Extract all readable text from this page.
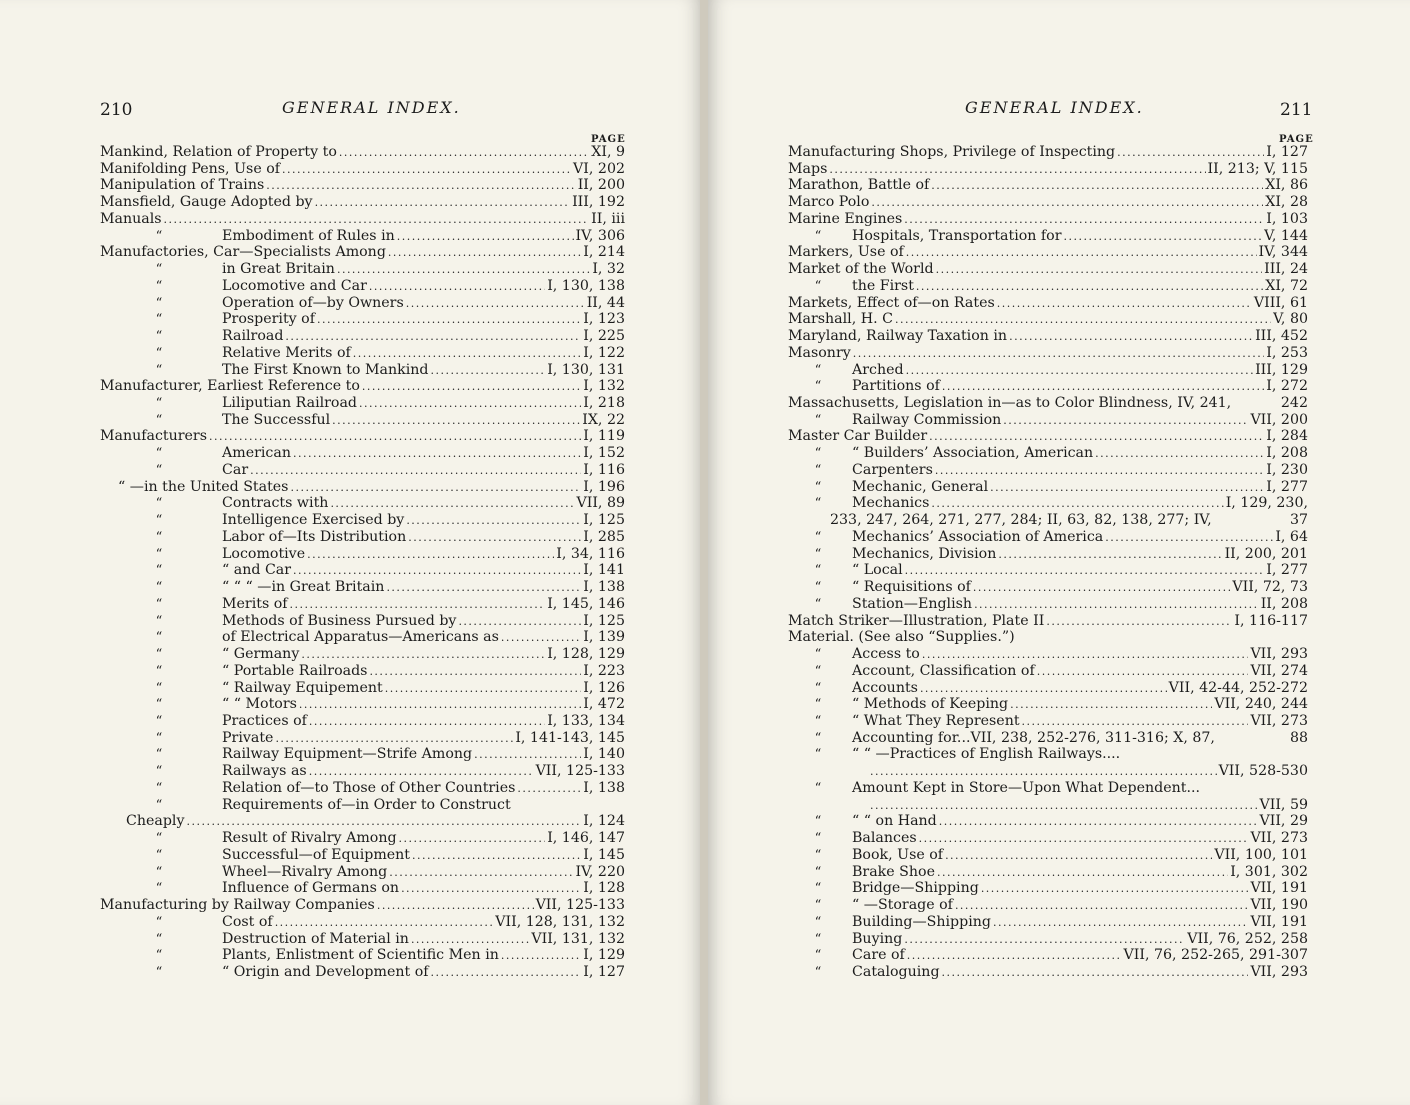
210	GENERAL INDEX.
PAGE
Mankind, Relation of Property to . . .	XI, 9
Manifolding Pens, Use of . . .	VI, 202
Manipulation of Trains . . .	II, 200
Mansfield, Gauge Adopted by . . .	III, 192
Manuals . . .	II, iii
“	Embodiment of Rules in . . .	IV, 306
Manufactories, Car—Specialists Among . . .	I, 214
“	in Great Britain . . .	I, 32
“	Locomotive and Car . . .	I, 130, 138
“	Operation of—by Owners . . .	II, 44
“	Prosperity of . . .	I, 123
“	Railroad . . .	I, 225
“	Relative Merits of . . .	I, 122
“	The First Known to Mankind . . .	I, 130, 131
Manufacturer, Earliest Reference to . . .	I, 132
“	Liliputian Railroad . . .	I, 218
“	The Successful . . .	IX, 22
Manufacturers . . .	I, 119
“	American . . .	I, 152
“	Car . . .	I, 116
“ —in the United States . . .	I, 196
“	Contracts with . . .	VII, 89
“	Intelligence Exercised by . . .	I, 125
“	Labor of—Its Distribution . . .	I, 285
“	Locomotive . . .	I, 34, 116
“	“ and Car . . .	I, 141
“	“ “ “ —in Great Britain . . .	I, 138
“	Merits of . . .	I, 145, 146
“	Methods of Business Pursued by . . .	I, 125
“	of Electrical Apparatus—Americans as . . .	I, 139
“	“ Germany . . .	I, 128, 129
“	“ Portable Railroads . . .	I, 223
“	“ Railway Equipement . . .	I, 126
“	“ “ Motors . . .	I, 472
“	Practices of . . .	I, 133, 134
“	Private . . .	I, 141-143, 145
“	Railway Equipment—Strife Among . . .	I, 140
“	Railways as . . .	VII, 125-133
“	Relation of—to Those of Other Countries . . .	I, 138
“	Requirements of—in Order to Construct
Cheaply . . .	I, 124
“	Result of Rivalry Among . . .	I, 146, 147
“	Successful—of Equipment . . .	I, 145
“	Wheel—Rivalry Among . . .	IV, 220
“	Influence of Germans on . . .	I, 128
Manufacturing by Railway Companies . . .	VII, 125-133
“	Cost of . . .	VII, 128, 131, 132
“	Destruction of Material in . . .	VII, 131, 132
“	Plants, Enlistment of Scientific Men in . . .	I, 129
“	“ Origin and Development of . . .	I, 127
GENERAL INDEX.	211
PAGE
Manufacturing Shops, Privilege of Inspecting . . .	I, 127
Maps . . .	II, 213; V, 115
Marathon, Battle of . . .	XI, 86
Marco Polo . . .	XI, 28
Marine Engines . . .	I, 103
“	Hospitals, Transportation for . . .	V, 144
Markers, Use of . . .	IV, 344
Market of the World . . .	III, 24
“	the First . . .	XI, 72
Markets, Effect of—on Rates . . .	VIII, 61
Marshall, H. C . . .	V, 80
Maryland, Railway Taxation in . . .	III, 452
Masonry . . .	I, 253
“	Arched . . .	III, 129
“	Partitions of . . .	I, 272
Massachusetts, Legislation in—as to Color Blindness, IV, 241,	242
“	Railway Commission . . .	VII, 200
Master Car Builder . . .	I, 284
“	“ Builders’ Association, American . . .	I, 208
“	Carpenters . . .	I, 230
“	Mechanic, General . . .	I, 277
“	Mechanics . . .	I, 129, 230,
233, 247, 264, 271, 277, 284; II, 63, 82, 138, 277; IV,	37
“	Mechanics’ Association of America . . .	I, 64
“	Mechanics, Division . . .	II, 200, 201
“	“ Local . . .	I, 277
“	“ Requisitions of . . .	VII, 72, 73
“	Station—English . . .	II, 208
Match Striker—Illustration, Plate II . . .	I, 116-117
Material. (See also “Supplies.”)
“	Access to . . .	VII, 293
“	Account, Classification of . . .	VII, 274
“	Accounts . . .	VII, 42-44, 252-272
“	“ Methods of Keeping . . .	VII, 240, 244
“	“ What They Represent . . .	VII, 273
“	Accounting for...VII, 238, 252-276, 311-316; X, 87,	88
“	“ “ —Practices of English Railways....
. . .
VII, 528-530
“	Amount Kept in Store—Upon What Dependent...
. . .
VII, 59
“	“ “ on Hand . . .	VII, 29
“	Balances . . .	VII, 273
“	Book, Use of . . .	VII, 100, 101
“	Brake Shoe . . .	I, 301, 302
“	Bridge—Shipping . . .	VII, 191
“	“ —Storage of . . .	VII, 190
“	Building—Shipping . . .	VII, 191
“	Buying . . .	VII, 76, 252, 258
“	Care of . . .	VII, 76, 252-265, 291-307
“	Cataloguing . . .	VII, 293
